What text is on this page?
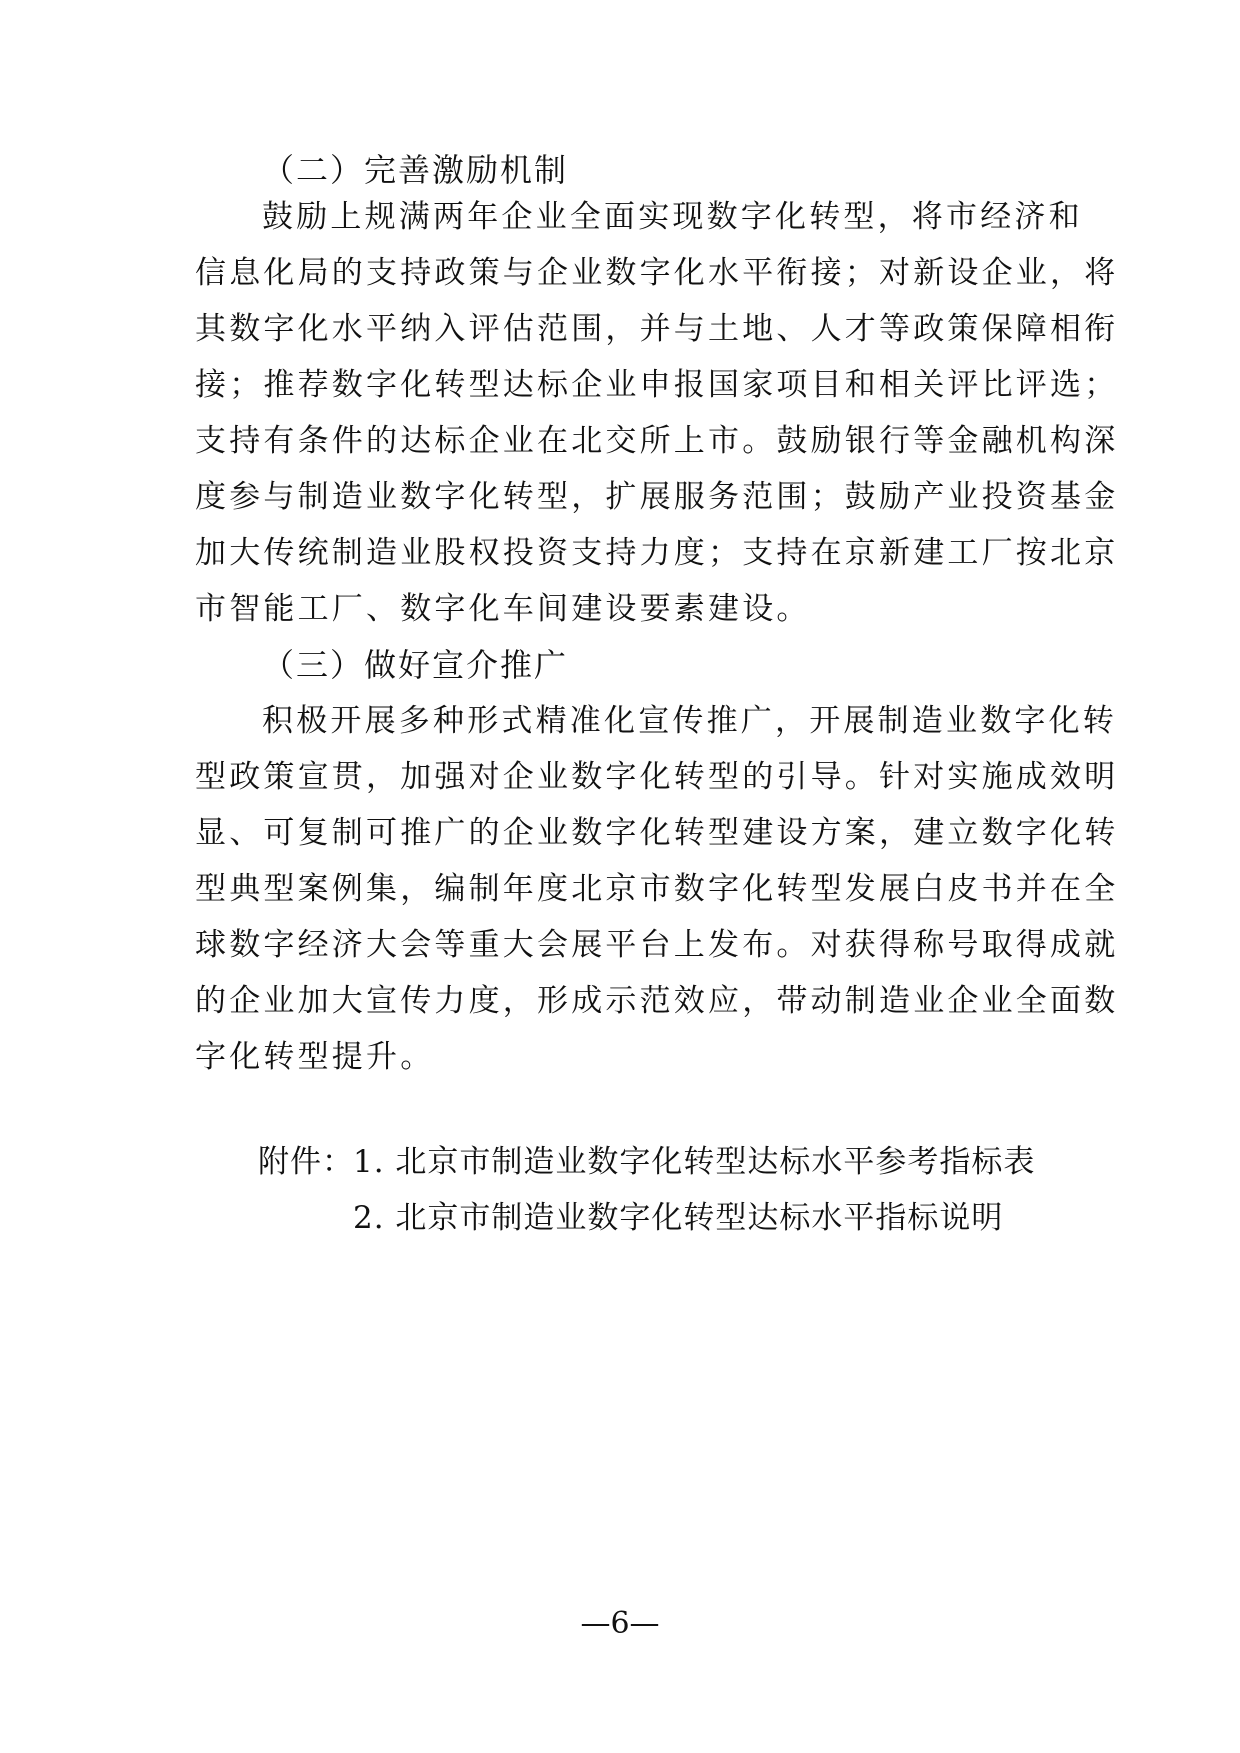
（二）完善激励机制
鼓励上规满两年企业全面实现数字化转型，将市经济和
信息化局的支持政策与企业数字化水平衔接；对新设企业，将
其数字化水平纳入评估范围，并与土地、人才等政策保障相衔
接；推荐数字化转型达标企业申报国家项目和相关评比评选；
支持有条件的达标企业在北交所上市。鼓励银行等金融机构深
度参与制造业数字化转型，扩展服务范围；鼓励产业投资基金
加大传统制造业股权投资支持力度；支持在京新建工厂按北京
市智能工厂、数字化车间建设要素建设。
（三）做好宣介推广
积极开展多种形式精准化宣传推广，开展制造业数字化转
型政策宣贯，加强对企业数字化转型的引导。针对实施成效明
显、可复制可推广的企业数字化转型建设方案，建立数字化转
型典型案例集，编制年度北京市数字化转型发展白皮书并在全
球数字经济大会等重大会展平台上发布。对获得称号取得成就
的企业加大宣传力度，形成示范效应，带动制造业企业全面数
字化转型提升。
附件： 1. 北京市制造业数字化转型达标水平参考指标表
2. 北京市制造业数字化转型达标水平指标说明
—6—
